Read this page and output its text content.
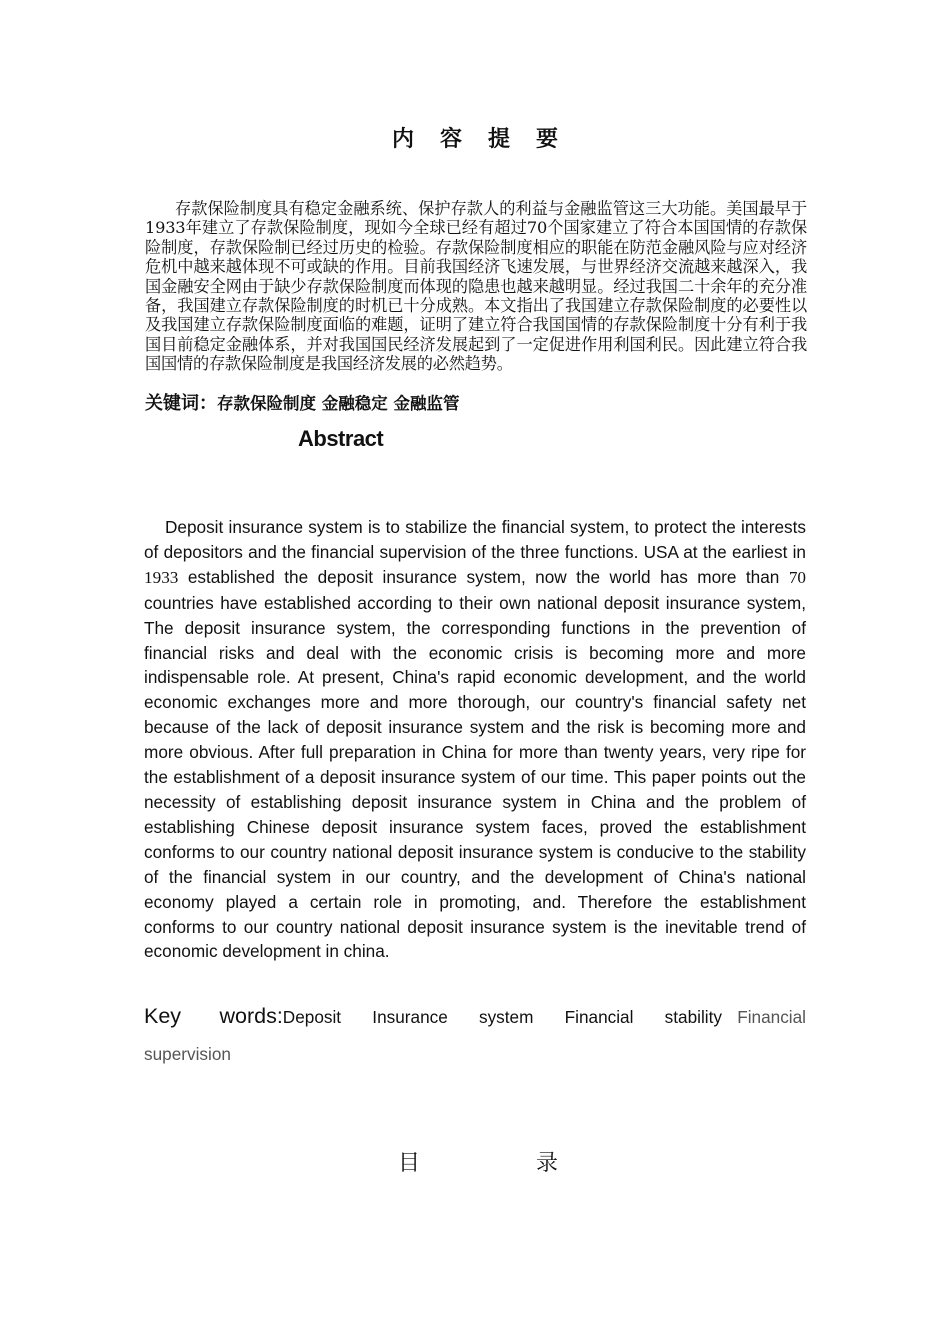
内容提要
存款保险制度具有稳定金融系统、保护存款人的利益与金融监管这三大功能。美国最早于1933年建立了存款保险制度，现如今全球已经有超过70个国家建立了符合本国国情的存款保险制度，存款保险制已经过历史的检验。存款保险制度相应的职能在防范金融风险与应对经济危机中越来越体现不可或缺的作用。目前我国经济飞速发展，与世界经济交流越来越深入，我国金融安全网由于缺少存款保险制度而体现的隐患也越来越明显。经过我国二十余年的充分准备，我国建立存款保险制度的时机已十分成熟。本文指出了我国建立存款保险制度的必要性以及我国建立存款保险制度面临的难题，证明了建立符合我国国情的存款保险制度十分有利于我国目前稳定金融体系，并对我国国民经济发展起到了一定促进作用利国利民。因此建立符合我国国情的存款保险制度是我国经济发展的必然趋势。
关键词：存款保险制度 金融稳定 金融监管
Abstract
Deposit insurance system is to stabilize the financial system, to protect the interests of depositors and the financial supervision of the three functions. USA at the earliest in 1933 established the deposit insurance system, now the world has more than 70 countries have established according to their own national deposit insurance system, The deposit insurance system, the corresponding functions in the prevention of financial risks and deal with the economic crisis is becoming more and more indispensable role. At present, China's rapid economic development, and the world economic exchanges more and more thorough, our country's financial safety net because of the lack of deposit insurance system and the risk is becoming more and more obvious. After full preparation in China for more than twenty years, very ripe for the establishment of a deposit insurance system of our time. This paper points out the necessity of establishing deposit insurance system in China and the problem of establishing Chinese deposit insurance system faces, proved the establishment conforms to our country national deposit insurance system is conducive to the stability of the financial system in our country, and the development of China's national economy played a certain role in promoting, and. Therefore the establishment conforms to our country national deposit insurance system is the inevitable trend of economic development in china.
Key words:Deposit Insurance system Financial stability Financial supervision
目	录
